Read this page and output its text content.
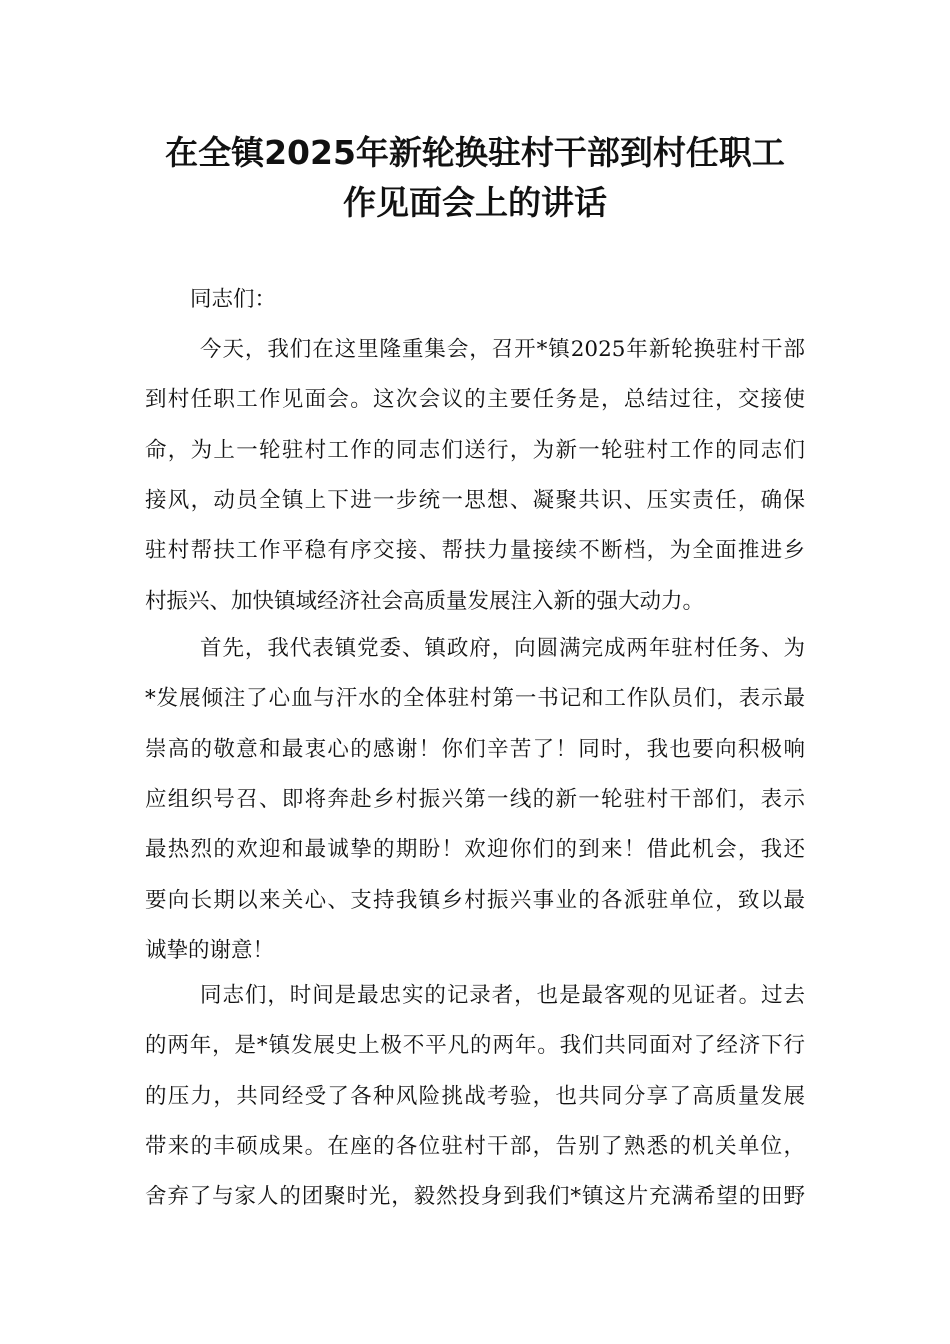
在全镇2025年新轮换驻村干部到村任职工
作见面会上的讲话
同志们：
今天，我们在这里隆重集会，召开*镇2025年新轮换驻村干部
到村任职工作见面会。这次会议的主要任务是，总结过往，交接使
命，为上一轮驻村工作的同志们送行，为新一轮驻村工作的同志们
接风，动员全镇上下进一步统一思想、凝聚共识、压实责任，确保
驻村帮扶工作平稳有序交接、帮扶力量接续不断档，为全面推进乡
村振兴、加快镇域经济社会高质量发展注入新的强大动力。
首先，我代表镇党委、镇政府，向圆满完成两年驻村任务、为
*发展倾注了心血与汗水的全体驻村第一书记和工作队员们，表示最
崇高的敬意和最衷心的感谢！你们辛苦了！同时，我也要向积极响
应组织号召、即将奔赴乡村振兴第一线的新一轮驻村干部们，表示
最热烈的欢迎和最诚挚的期盼！欢迎你们的到来！借此机会，我还
要向长期以来关心、支持我镇乡村振兴事业的各派驻单位，致以最
诚挚的谢意！
同志们，时间是最忠实的记录者，也是最客观的见证者。过去
的两年，是*镇发展史上极不平凡的两年。我们共同面对了经济下行
的压力，共同经受了各种风险挑战考验，也共同分享了高质量发展
带来的丰硕成果。在座的各位驻村干部，告别了熟悉的机关单位，
舍弃了与家人的团聚时光，毅然投身到我们*镇这片充满希望的田野
